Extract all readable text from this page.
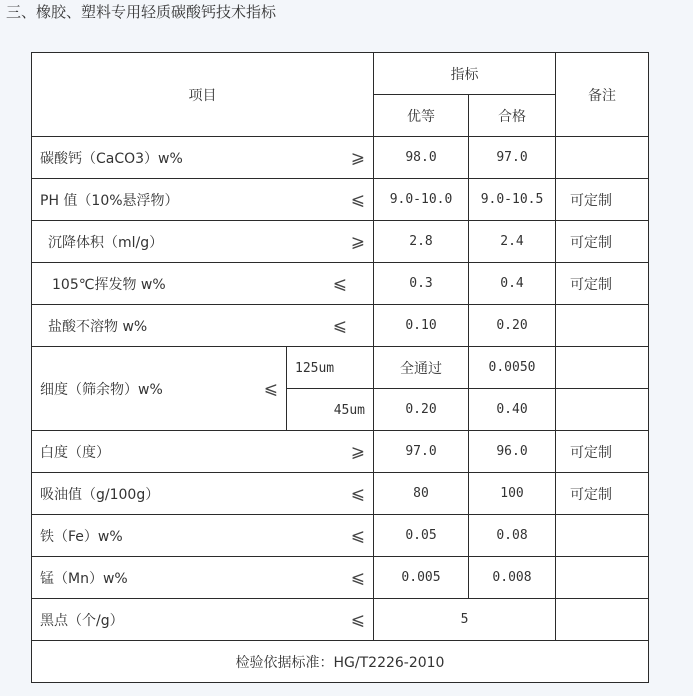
三、橡胶、塑料专用轻质碳酸钙技术指标
项目		指标		备注
		优等	合格	
碳酸钙（CaCO3）w% ⩾		98.0	97.0	
PH 值（10%悬浮物） ⩽		9.0-10.0	9.0-10.5	可定制
沉降体积（ml/g） ⩾		2.8	2.4	可定制
105℃挥发物 w% ⩽		0.3	0.4	可定制
盐酸不溶物 w% ⩽		0.10	0.20	
细度（筛余物）w% ⩽	125um	全通过	0.0050	
	45um	0.20	0.40	
白度（度） ⩾		97.0	96.0	可定制
吸油值（g/100g） ⩽		80	100	可定制
铁（Fe）w% ⩽		0.05	0.08	
锰（Mn）w% ⩽		0.005	0.008	
黑点（个/g） ⩽		5		
检验依据标准：HG/T2226-2010				
